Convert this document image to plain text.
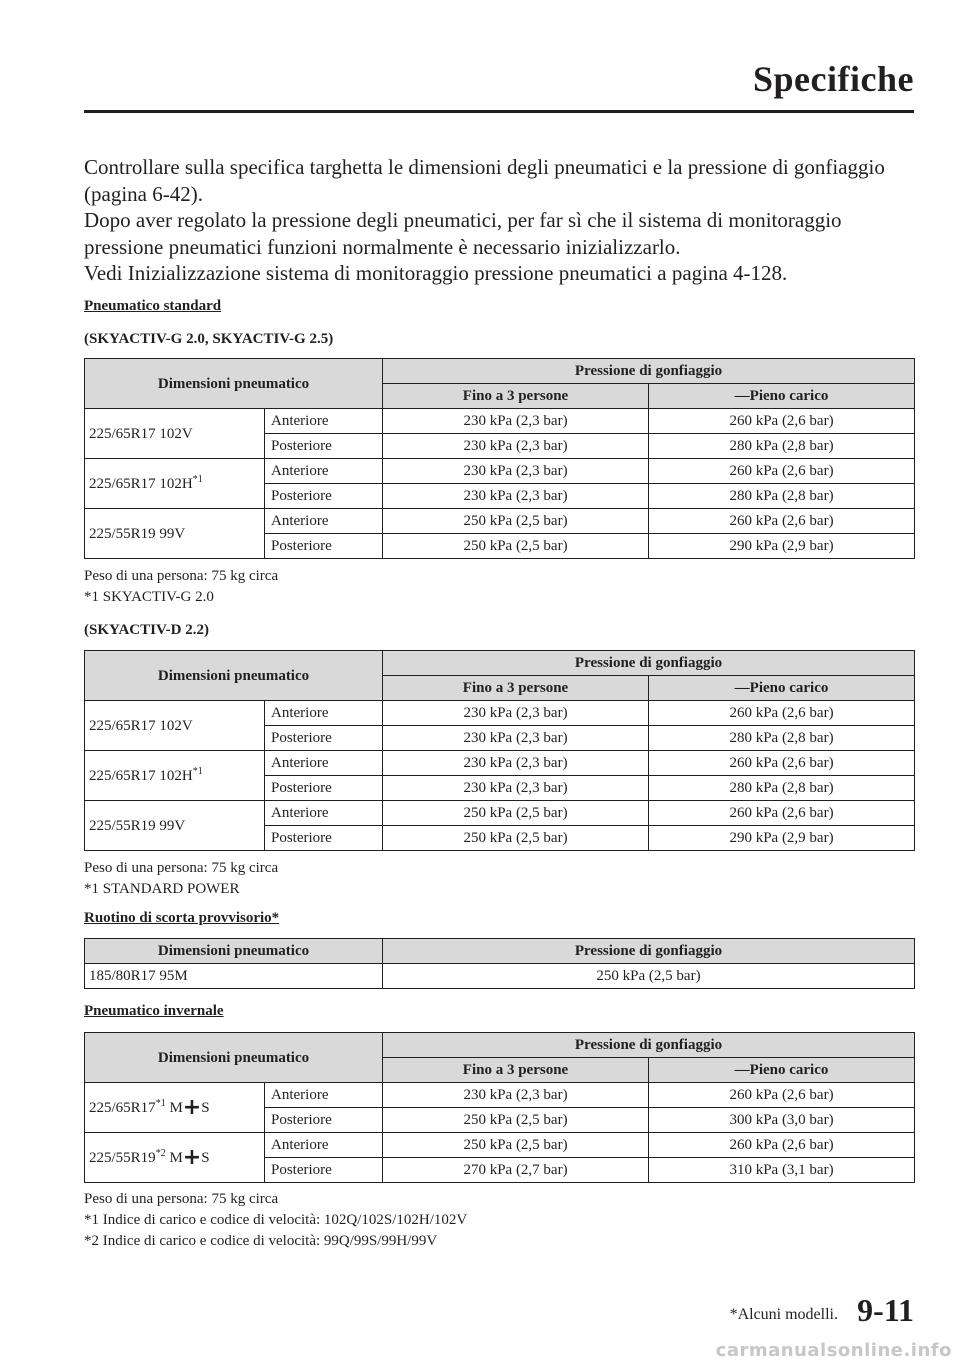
Specifiche

Controllare sulla specifica targhetta le dimensioni degli pneumatici e la pressione di gonfiaggio (pagina 6-42).

Dopo aver regolato la pressione degli pneumatici, per far sì che il sistema di monitoraggio pressione pneumatici funzioni normalmente è necessario inizializzarlo.

Vedi Inizializzazione sistema di monitoraggio pressione pneumatici a pagina 4-128.

Pneumatico standard
(SKYACTIV-G 2.0, SKYACTIV-G 2.5)
Dimensioni pneumatico		Pressione di gonfiaggio	
		Fino a 3 persone	—Pieno carico
225/65R17 102V	Anteriore	230 kPa (2,3 bar)	260 kPa (2,6 bar)
	Posteriore	230 kPa (2,3 bar)	280 kPa (2,8 bar)
225/65R17 $102H^{*1}$	Anteriore	230 kPa (2,3 bar)	260 kPa (2,6 bar)
	Posteriore	230 kPa (2,3 bar)	280 kPa (2,8 bar)
225/55R19 99V	Anteriore	250 kPa (2,5 bar)	260 kPa (2,6 bar)
	Posteriore	250 kPa (2,5 bar)	290 kPa (2,9 bar)
Peso di una persona: 75 kg circa
*1 SKYACTIV-G 2.0
(SKYACTIV-D 2.2)
Dimensioni pneumatico		Pressione di gonfiaggio	
		Fino a 3 persone	—Pieno carico
225/65R17 102V	Anteriore	230 kPa (2,3 bar)	260 kPa (2,6 bar)
	Posteriore	230 kPa (2,3 bar)	280 kPa (2,8 bar)
225/65R17 $102H^{*1}$	Anteriore	230 kPa (2,3 bar)	260 kPa (2,6 bar)
	Posteriore	230 kPa (2,3 bar)	280 kPa (2,8 bar)
225/55R19 99V	Anteriore	250 kPa (2,5 bar)	260 kPa (2,6 bar)
	Posteriore	250 kPa (2,5 bar)	290 kPa (2,9 bar)
Peso di una persona: 75 kg circa
*1 STANDARD POWER
Ruotino di scorta provvisorio*
Dimensioni pneumatico	Pressione di gonfiaggio
185/80R17 95M	250 kPa (2,5 bar)
Pneumatico invernale
Dimensioni pneumatico		Pressione di gonfiaggio	
		Fino a 3 persone	—Pieno carico
225/65R17$^{*1}$ M+S	Anteriore	230 kPa (2,3 bar)	260 kPa (2,6 bar)
	Posteriore	250 kPa (2,5 bar)	300 kPa (3,0 bar)
225/55R19$^{*2}$ M+S	Anteriore	250 kPa (2,5 bar)	260 kPa (2,6 bar)
	Posteriore	270 kPa (2,7 bar)	310 kPa (3,1 bar)
Peso di una persona: 75 kg circa
*1 Indice di carico e codice di velocità: 102Q/102S/102H/102V
*2 Indice di carico e codice di velocità: 99Q/99S/99H/99V
*Alcuni modelli. 9-11
carmanualsonline.info
